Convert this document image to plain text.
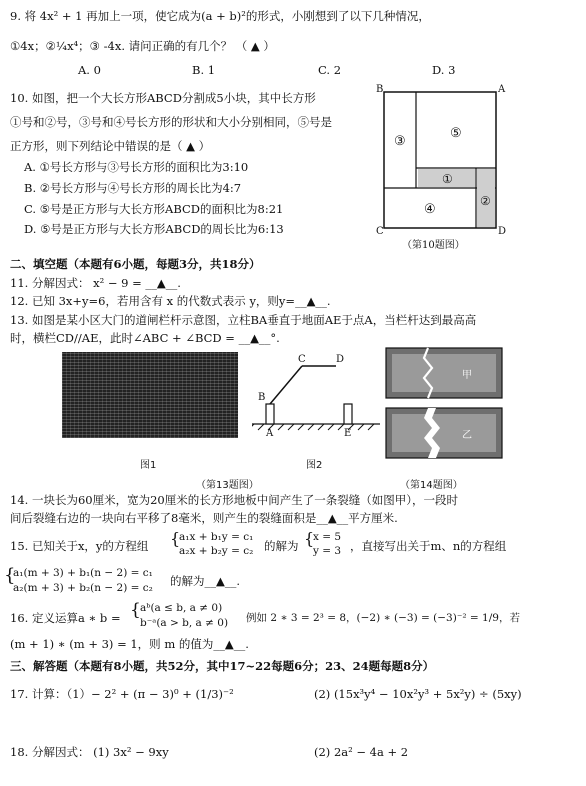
9. 将 4x² + 1 再加上一项，使它成为(a + b)²的形式，小刚想到了以下几种情况，
①4x；②¼x⁴；③ -4x. 请问正确的有几个？ （ ▲ ）
A. 0	B. 1	C. 2	D. 3
10. 如图，把一个大长方形ABCD分割成5小块，其中长方形
①号和②号，③号和④号长方形的形状和大小分别相同，⑤号是
正方形，则下列结论中错误的是（ ▲ ）
A. ①号长方形与③号长方形的面积比为3:10
B. ②号长方形与④号长方形的周长比为4:7
C. ⑤号是正方形与大长方形ABCD的面积比为8:21
D. ⑤号是正方形与大长方形ABCD的周长比为6:13
B	A
C	D
③
⑤
①
②
④
（第10题图）
二、填空题（本题有6小题，每题3分，共18分）
11. 分解因式： x² − 9 = __▲__.
12. 已知 3x+y=6，若用含有 x 的代数式表示 y，则y=__▲__.
13. 如图是某小区大门的道闸栏杆示意图，立柱BA垂直于地面AE于点A，当栏杆达到最高高
时，横栏CD//AE，此时∠ABC + ∠BCD = __▲__°.
图1
B
A
C	D
E
图2
（第13题图）
甲
乙
（第14题图）
14. 一块长为60厘米，宽为20厘米的长方形地板中间产生了一条裂缝（如图甲），一段时
间后裂缝右边的一块向右平移了8毫米，则产生的裂缝面积是__▲__平方厘米.
15. 已知关于x，y的方程组 {
a₁x + b₁y = c₁
a₂x + b₂y = c₂ 的解为 {
x = 5
y = 3 ，直接写出关于m、n的方程组
{
a₁(m + 3) + b₁(n − 2) = c₁
a₂(m + 3) + b₂(n − 2) = c₂ 的解为__▲__.
16. 定义运算a ∗ b = { aᵇ(a ≤ b, a ≠ 0)
b⁻ᵃ(a > b, a ≠ 0) 例如 2 ∗ 3 = 2³ = 8，(−2) ∗ (−3) = (−3)⁻² = 1/9，若
(m + 1) ∗ (m + 3) = 1，则 m 的值为__▲__.
三、解答题（本题有8小题，共52分，其中17~22每题6分；23、24题每题8分）
17. 计算：（1）− 2² + (π − 3)⁰ + (1/3)⁻²	(2) (15x³y⁴ − 10x²y³ + 5x²y) ÷ (5xy)
18. 分解因式： (1) 3x² − 9xy	(2) 2a² − 4a + 2
